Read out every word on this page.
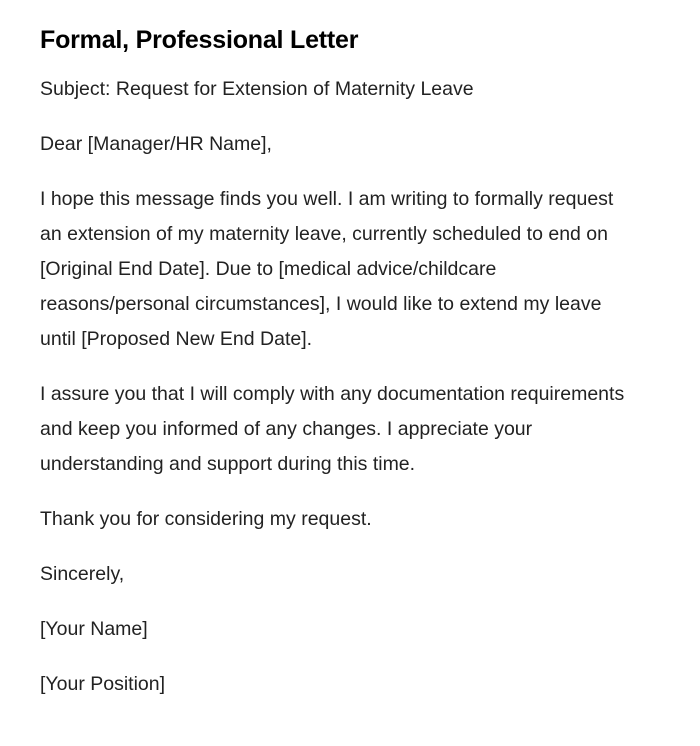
Formal, Professional Letter

Subject: Request for Extension of Maternity Leave

Dear [Manager/HR Name],

I hope this message finds you well. I am writing to formally request an extension of my maternity leave, currently scheduled to end on [Original End Date]. Due to [medical advice/childcare reasons/personal circumstances], I would like to extend my leave until [Proposed New End Date].

I assure you that I will comply with any documentation requirements and keep you informed of any changes. I appreciate your understanding and support during this time.

Thank you for considering my request.

Sincerely,

[Your Name]

[Your Position]
